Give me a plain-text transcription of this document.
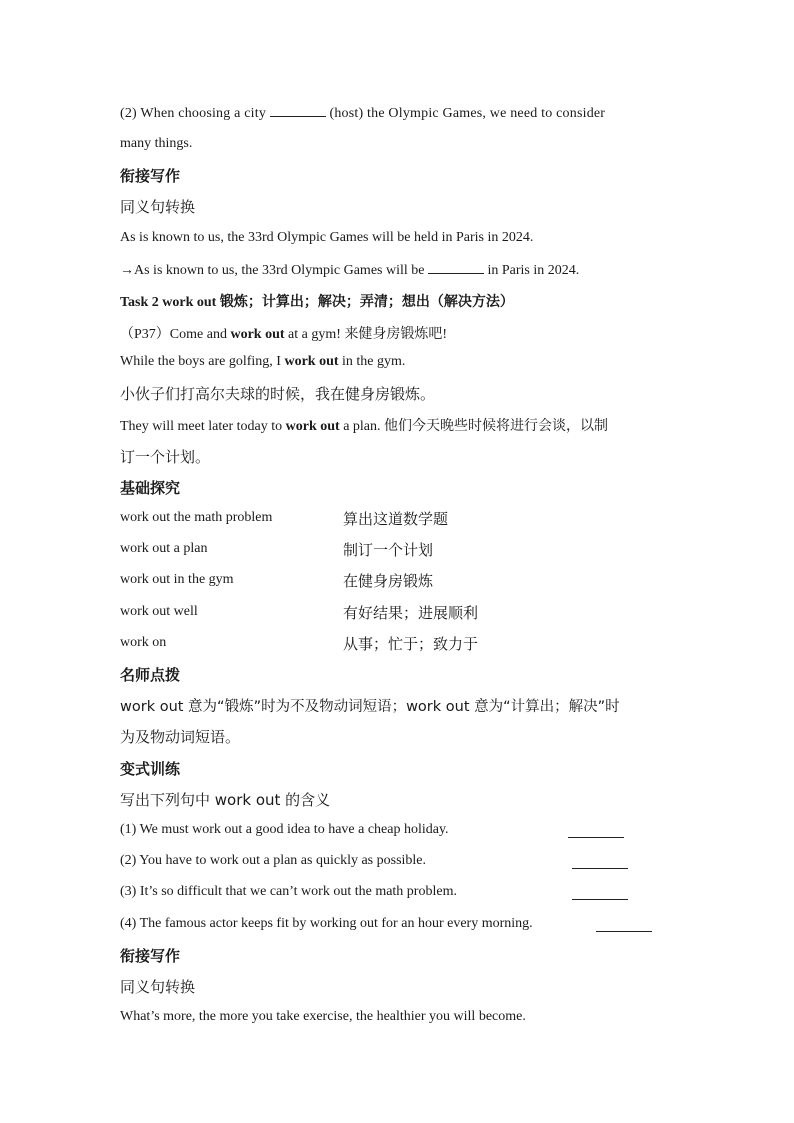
(2) When choosing a city	(host) the Olympic Games, we need to consider
many things.
衔接写作
同义句转换
As is known to us, the 33rd Olympic Games will be held in Paris in 2024.
→As is known to us, the 33rd Olympic Games will be	in Paris in 2024.
Task 2 work out 锻炼；计算出；解决；弄清；想出（解决方法）
（P37）Come and work out at a gym! 来健身房锻炼吧!
While the boys are golfing, I work out in the gym.
小伙子们打高尔夫球的时候，我在健身房锻炼。
They will meet later today to work out a plan. 他们今天晚些时候将进行会谈，以制
订一个计划。
基础探究
work out the math problem	算出这道数学题
work out a plan	制订一个计划
work out in the gym	在健身房锻炼
work out well	有好结果；进展顺利
work on	从事；忙于；致力于
名师点拨
work out 意为“锻炼”时为不及物动词短语；work out 意为“计算出；解决”时
为及物动词短语。
变式训练
写出下列句中 work out 的含义
(1) We must work out a good idea to have a cheap holiday.
(2) You have to work out a plan as quickly as possible.
(3) It’s so difficult that we can’t work out the math problem.
(4) The famous actor keeps fit by working out for an hour every morning.
衔接写作
同义句转换
What’s more, the more you take exercise, the healthier you will become.
